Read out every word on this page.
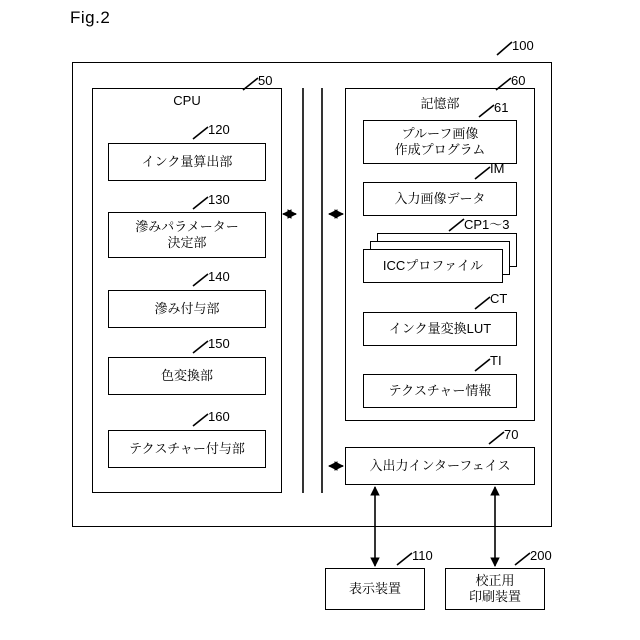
Fig.2
100
CPU
50
インク量算出部
120
滲みパラメーター
決定部
130
滲み付与部
140
色変換部
150
テクスチャー付与部
160
記憶部
60
プルーフ画像
作成プログラム
61
入力画像データ
IM
ICCプロファイル
CP1〜3
インク量変換LUT
CT
テクスチャー情報
TI
入出力インターフェイス
70
表示装置
110
校正用
印刷装置
200
